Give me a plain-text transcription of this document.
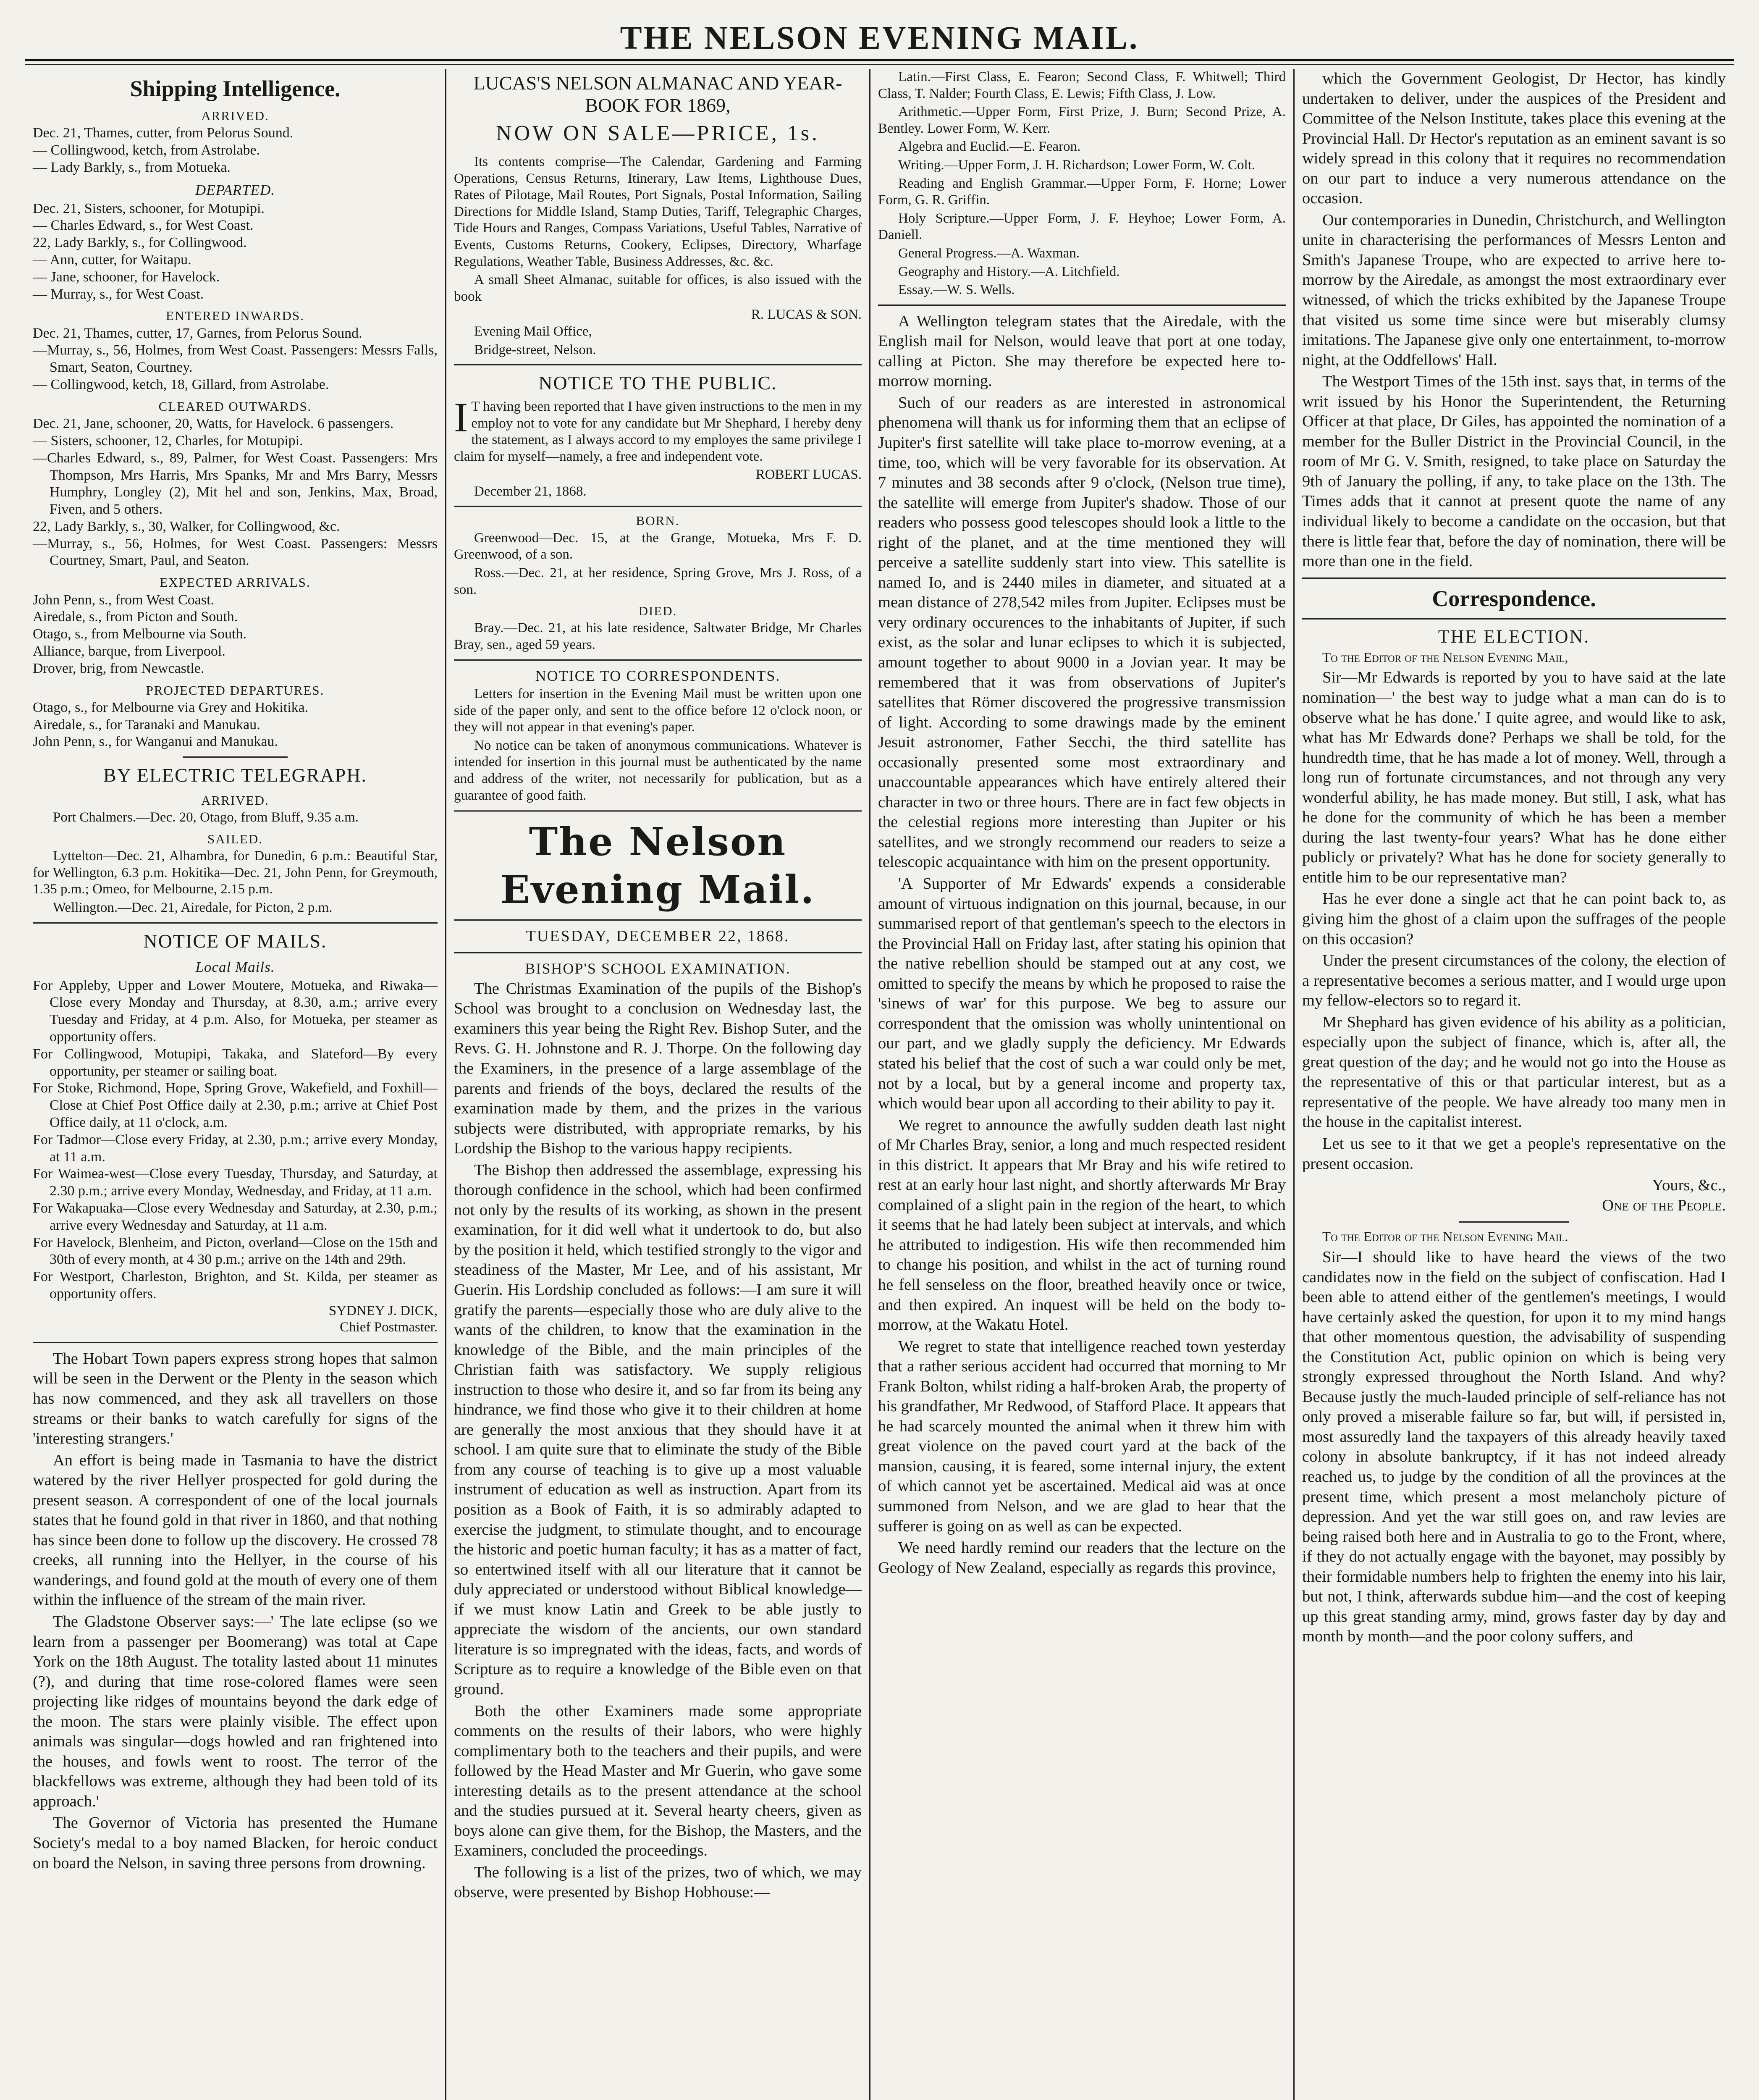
THE NELSON EVENING MAIL.
Shipping Intelligence.
ARRIVED.
Dec. 21, Thames, cutter, from Pelorus Sound.
— Collingwood, ketch, from Astrolabe.
— Lady Barkly, s., from Motueka.
DEPARTED.
Dec. 21, Sisters, schooner, for Motupipi.
— Charles Edward, s., for West Coast.
22, Lady Barkly, s., for Collingwood.
— Ann, cutter, for Waitapu.
— Jane, schooner, for Havelock.
— Murray, s., for West Coast.
ENTERED INWARDS.
Dec. 21, Thames, cutter, 17, Garnes, from Pelorus Sound.
—Murray, s., 56, Holmes, from West Coast. Passengers: Messrs Falls, Smart, Seaton, Courtney.
— Collingwood, ketch, 18, Gillard, from Astrolabe.
CLEARED OUTWARDS.
Dec. 21, Jane, schooner, 20, Watts, for Havelock. 6 passengers.
— Sisters, schooner, 12, Charles, for Motupipi.
—Charles Edward, s., 89, Palmer, for West Coast. Passengers: Mrs Thompson, Mrs Harris, Mrs Spanks, Mr and Mrs Barry, Messrs Humphry, Longley (2), Mit hel and son, Jenkins, Max, Broad, Fiven, and 5 others.
22, Lady Barkly, s., 30, Walker, for Collingwood, &c.
—Murray, s., 56, Holmes, for West Coast. Passengers: Messrs Courtney, Smart, Paul, and Seaton.
EXPECTED ARRIVALS.
John Penn, s., from West Coast.
Airedale, s., from Picton and South.
Otago, s., from Melbourne via South.
Alliance, barque, from Liverpool.
Drover, brig, from Newcastle.
PROJECTED DEPARTURES.
Otago, s., for Melbourne via Grey and Hokitika.
Airedale, s., for Taranaki and Manukau.
John Penn, s., for Wanganui and Manukau.
BY ELECTRIC TELEGRAPH.
ARRIVED.

Port Chalmers.—Dec. 20, Otago, from Bluff, 9.35 a.m.

SAILED.

Lyttelton—Dec. 21, Alhambra, for Dunedin, 6 p.m.: Beautiful Star, for Wellington, 6.3 p.m. Hokitika—Dec. 21, John Penn, for Greymouth, 1.35 p.m.; Omeo, for Melbourne, 2.15 p.m.

Wellington.—Dec. 21, Airedale, for Picton, 2 p.m.

NOTICE OF MAILS.
Local Mails.
For Appleby, Upper and Lower Moutere, Motueka, and Riwaka—Close every Monday and Thursday, at 8.30, a.m.; arrive every Tuesday and Friday, at 4 p.m. Also, for Motueka, per steamer as opportunity offers.
For Collingwood, Motupipi, Takaka, and Slateford—By every opportunity, per steamer or sailing boat.
For Stoke, Richmond, Hope, Spring Grove, Wakefield, and Foxhill—Close at Chief Post Office daily at 2.30, p.m.; arrive at Chief Post Office daily, at 11 o'clock, a.m.
For Tadmor—Close every Friday, at 2.30, p.m.; arrive every Monday, at 11 a.m.
For Waimea-west—Close every Tuesday, Thursday, and Saturday, at 2.30 p.m.; arrive every Monday, Wednesday, and Friday, at 11 a.m.
For Wakapuaka—Close every Wednesday and Saturday, at 2.30, p.m.; arrive every Wednesday and Saturday, at 11 a.m.
For Havelock, Blenheim, and Picton, overland—Close on the 15th and 30th of every month, at 4 30 p.m.; arrive on the 14th and 29th.
For Westport, Charleston, Brighton, and St. Kilda, per steamer as opportunity offers.
SYDNEY J. DICK,
Chief Postmaster.

The Hobart Town papers express strong hopes that salmon will be seen in the Derwent or the Plenty in the season which has now commenced, and they ask all travellers on those streams or their banks to watch carefully for signs of the 'interesting strangers.'

An effort is being made in Tasmania to have the district watered by the river Hellyer prospected for gold during the present season. A correspondent of one of the local journals states that he found gold in that river in 1860, and that nothing has since been done to follow up the discovery. He crossed 78 creeks, all running into the Hellyer, in the course of his wanderings, and found gold at the mouth of every one of them within the influence of the stream of the main river.

The Gladstone Observer says:—' The late eclipse (so we learn from a passenger per Boomerang) was total at Cape York on the 18th August. The totality lasted about 11 minutes (?), and during that time rose-colored flames were seen projecting like ridges of mountains beyond the dark edge of the moon. The stars were plainly visible. The effect upon animals was singular—dogs howled and ran frightened into the houses, and fowls went to roost. The terror of the blackfellows was extreme, although they had been told of its approach.'

The Governor of Victoria has presented the Humane Society's medal to a boy named Blacken, for heroic conduct on board the Nelson, in saving three persons from drowning.

LUCAS'S NELSON ALMANAC AND YEAR-BOOK FOR 1869,
NOW ON SALE—PRICE, 1s.

Its contents comprise—The Calendar, Gardening and Farming Operations, Census Returns, Itinerary, Law Items, Lighthouse Dues, Rates of Pilotage, Mail Routes, Port Signals, Postal Information, Sailing Directions for Middle Island, Stamp Duties, Tariff, Telegraphic Charges, Tide Hours and Ranges, Compass Variations, Useful Tables, Narrative of Events, Customs Returns, Cookery, Eclipses, Directory, Wharfage Regulations, Weather Table, Business Addresses, &c. &c.

A small Sheet Almanac, suitable for offices, is also issued with the book

R. LUCAS & SON.

Evening Mail Office,

Bridge-street, Nelson.

NOTICE TO THE PUBLIC.

IT having been reported that I have given instructions to the men in my employ not to vote for any candidate but Mr Shephard, I hereby deny the statement, as I always accord to my employes the same privilege I claim for myself—namely, a free and independent vote.

ROBERT LUCAS.

December 21, 1868.

BORN.

Greenwood—Dec. 15, at the Grange, Motueka, Mrs F. D. Greenwood, of a son.

Ross.—Dec. 21, at her residence, Spring Grove, Mrs J. Ross, of a son.

DIED.

Bray.—Dec. 21, at his late residence, Saltwater Bridge, Mr Charles Bray, sen., aged 59 years.

NOTICE TO CORRESPONDENTS.

Letters for insertion in the Evening Mail must be written upon one side of the paper only, and sent to the office before 12 o'clock noon, or they will not appear in that evening's paper.

No notice can be taken of anonymous communications. Whatever is intended for insertion in this journal must be authenticated by the name and address of the writer, not necessarily for publication, but as a guarantee of good faith.

The Nelson Evening Mail.
TUESDAY, DECEMBER 22, 1868.
BISHOP'S SCHOOL EXAMINATION.

The Christmas Examination of the pupils of the Bishop's School was brought to a conclusion on Wednesday last, the examiners this year being the Right Rev. Bishop Suter, and the Revs. G. H. Johnstone and R. J. Thorpe. On the following day the Examiners, in the presence of a large assemblage of the parents and friends of the boys, declared the results of the examination made by them, and the prizes in the various subjects were distributed, with appropriate remarks, by his Lordship the Bishop to the various happy recipients.

The Bishop then addressed the assemblage, expressing his thorough confidence in the school, which had been confirmed not only by the results of its working, as shown in the present examination, for it did well what it undertook to do, but also by the position it held, which testified strongly to the vigor and steadiness of the Master, Mr Lee, and of his assistant, Mr Guerin. His Lordship concluded as follows:—I am sure it will gratify the parents—especially those who are duly alive to the wants of the children, to know that the examination in the knowledge of the Bible, and the main principles of the Christian faith was satisfactory. We supply religious instruction to those who desire it, and so far from its being any hindrance, we find those who give it to their children at home are generally the most anxious that they should have it at school. I am quite sure that to eliminate the study of the Bible from any course of teaching is to give up a most valuable instrument of education as well as instruction. Apart from its position as a Book of Faith, it is so admirably adapted to exercise the judgment, to stimulate thought, and to encourage the historic and poetic human faculty; it has as a matter of fact, so entertwined itself with all our literature that it cannot be duly appreciated or understood without Biblical knowledge—if we must know Latin and Greek to be able justly to appreciate the wisdom of the ancients, our own standard literature is so impregnated with the ideas, facts, and words of Scripture as to require a knowledge of the Bible even on that ground.

Both the other Examiners made some appropriate comments on the results of their labors, who were highly complimentary both to the teachers and their pupils, and were followed by the Head Master and Mr Guerin, who gave some interesting details as to the present attendance at the school and the studies pursued at it. Several hearty cheers, given as boys alone can give them, for the Bishop, the Masters, and the Examiners, concluded the proceedings.

The following is a list of the prizes, two of which, we may observe, were presented by Bishop Hobhouse:—

Latin.—First Class, E. Fearon; Second Class, F. Whitwell; Third Class, T. Nalder; Fourth Class, E. Lewis; Fifth Class, J. Low.

Arithmetic.—Upper Form, First Prize, J. Burn; Second Prize, A. Bentley. Lower Form, W. Kerr.

Algebra and Euclid.—E. Fearon.

Writing.—Upper Form, J. H. Richardson; Lower Form, W. Colt.

Reading and English Grammar.—Upper Form, F. Horne; Lower Form, G. R. Griffin.

Holy Scripture.—Upper Form, J. F. Heyhoe; Lower Form, A. Daniell.

General Progress.—A. Waxman.

Geography and History.—A. Litchfield.

Essay.—W. S. Wells.

A Wellington telegram states that the Airedale, with the English mail for Nelson, would leave that port at one today, calling at Picton. She may therefore be expected here to-morrow morning.

Such of our readers as are interested in astronomical phenomena will thank us for informing them that an eclipse of Jupiter's first satellite will take place to-morrow evening, at a time, too, which will be very favorable for its observation. At 7 minutes and 38 seconds after 9 o'clock, (Nelson true time), the satellite will emerge from Jupiter's shadow. Those of our readers who possess good telescopes should look a little to the right of the planet, and at the time mentioned they will perceive a satellite suddenly start into view. This satellite is named Io, and is 2440 miles in diameter, and situated at a mean distance of 278,542 miles from Jupiter. Eclipses must be very ordinary occurences to the inhabitants of Jupiter, if such exist, as the solar and lunar eclipses to which it is subjected, amount together to about 9000 in a Jovian year. It may be remembered that it was from observations of Jupiter's satellites that Römer discovered the progressive transmission of light. According to some drawings made by the eminent Jesuit astronomer, Father Secchi, the third satellite has occasionally presented some most extraordinary and unaccountable appearances which have entirely altered their character in two or three hours. There are in fact few objects in the celestial regions more interesting than Jupiter or his satellites, and we strongly recommend our readers to seize a telescopic acquaintance with him on the present opportunity.

'A Supporter of Mr Edwards' expends a considerable amount of virtuous indignation on this journal, because, in our summarised report of that gentleman's speech to the electors in the Provincial Hall on Friday last, after stating his opinion that the native rebellion should be stamped out at any cost, we omitted to specify the means by which he proposed to raise the 'sinews of war' for this purpose. We beg to assure our correspondent that the omission was wholly unintentional on our part, and we gladly supply the deficiency. Mr Edwards stated his belief that the cost of such a war could only be met, not by a local, but by a general income and property tax, which would bear upon all according to their ability to pay it.

We regret to announce the awfully sudden death last night of Mr Charles Bray, senior, a long and much respected resident in this district. It appears that Mr Bray and his wife retired to rest at an early hour last night, and shortly afterwards Mr Bray complained of a slight pain in the region of the heart, to which it seems that he had lately been subject at intervals, and which he attributed to indigestion. His wife then recommended him to change his position, and whilst in the act of turning round he fell senseless on the floor, breathed heavily once or twice, and then expired. An inquest will be held on the body to-morrow, at the Wakatu Hotel.

We regret to state that intelligence reached town yesterday that a rather serious accident had occurred that morning to Mr Frank Bolton, whilst riding a half-broken Arab, the property of his grandfather, Mr Redwood, of Stafford Place. It appears that he had scarcely mounted the animal when it threw him with great violence on the paved court yard at the back of the mansion, causing, it is feared, some internal injury, the extent of which cannot yet be ascertained. Medical aid was at once summoned from Nelson, and we are glad to hear that the sufferer is going on as well as can be expected.

We need hardly remind our readers that the lecture on the Geology of New Zealand, especially as regards this province,

which the Government Geologist, Dr Hector, has kindly undertaken to deliver, under the auspices of the President and Committee of the Nelson Institute, takes place this evening at the Provincial Hall. Dr Hector's reputation as an eminent savant is so widely spread in this colony that it requires no recommendation on our part to induce a very numerous attendance on the occasion.

Our contemporaries in Dunedin, Christchurch, and Wellington unite in characterising the performances of Messrs Lenton and Smith's Japanese Troupe, who are expected to arrive here to-morrow by the Airedale, as amongst the most extraordinary ever witnessed, of which the tricks exhibited by the Japanese Troupe that visited us some time since were but miserably clumsy imitations. The Japanese give only one entertainment, to-morrow night, at the Oddfellows' Hall.

The Westport Times of the 15th inst. says that, in terms of the writ issued by his Honor the Superintendent, the Returning Officer at that place, Dr Giles, has appointed the nomination of a member for the Buller District in the Provincial Council, in the room of Mr G. V. Smith, resigned, to take place on Saturday the 9th of January the polling, if any, to take place on the 13th. The Times adds that it cannot at present quote the name of any individual likely to become a candidate on the occasion, but that there is little fear that, before the day of nomination, there will be more than one in the field.

Correspondence.
THE ELECTION.

To the Editor of the Nelson Evening Mail,

Sir—Mr Edwards is reported by you to have said at the late nomination—' the best way to judge what a man can do is to observe what he has done.' I quite agree, and would like to ask, what has Mr Edwards done? Perhaps we shall be told, for the hundredth time, that he has made a lot of money. Well, through a long run of fortunate circumstances, and not through any very wonderful ability, he has made money. But still, I ask, what has he done for the community of which he has been a member during the last twenty-four years? What has he done either publicly or privately? What has he done for society generally to entitle him to be our representative man?

Has he ever done a single act that he can point back to, as giving him the ghost of a claim upon the suffrages of the people on this occasion?

Under the present circumstances of the colony, the election of a representative becomes a serious matter, and I would urge upon my fellow-electors so to regard it.

Mr Shephard has given evidence of his ability as a politician, especially upon the subject of finance, which is, after all, the great question of the day; and he would not go into the House as the representative of this or that particular interest, but as a representative of the people. We have already too many men in the house in the capitalist interest.

Let us see to it that we get a people's representative on the present occasion.

Yours, &c.,
One of the People.

To the Editor of the Nelson Evening Mail.

Sir—I should like to have heard the views of the two candidates now in the field on the subject of confiscation. Had I been able to attend either of the gentlemen's meetings, I would have certainly asked the question, for upon it to my mind hangs that other momentous question, the advisability of suspending the Constitution Act, public opinion on which is being very strongly expressed throughout the North Island. And why? Because justly the much-lauded principle of self-reliance has not only proved a miserable failure so far, but will, if persisted in, most assuredly land the taxpayers of this already heavily taxed colony in absolute bankruptcy, if it has not indeed already reached us, to judge by the condition of all the provinces at the present time, which present a most melancholy picture of depression. And yet the war still goes on, and raw levies are being raised both here and in Australia to go to the Front, where, if they do not actually engage with the bayonet, may possibly by their formidable numbers help to frighten the enemy into his lair, but not, I think, afterwards subdue him—and the cost of keeping up this great standing army, mind, grows faster day by day and month by month—and the poor colony suffers, and
